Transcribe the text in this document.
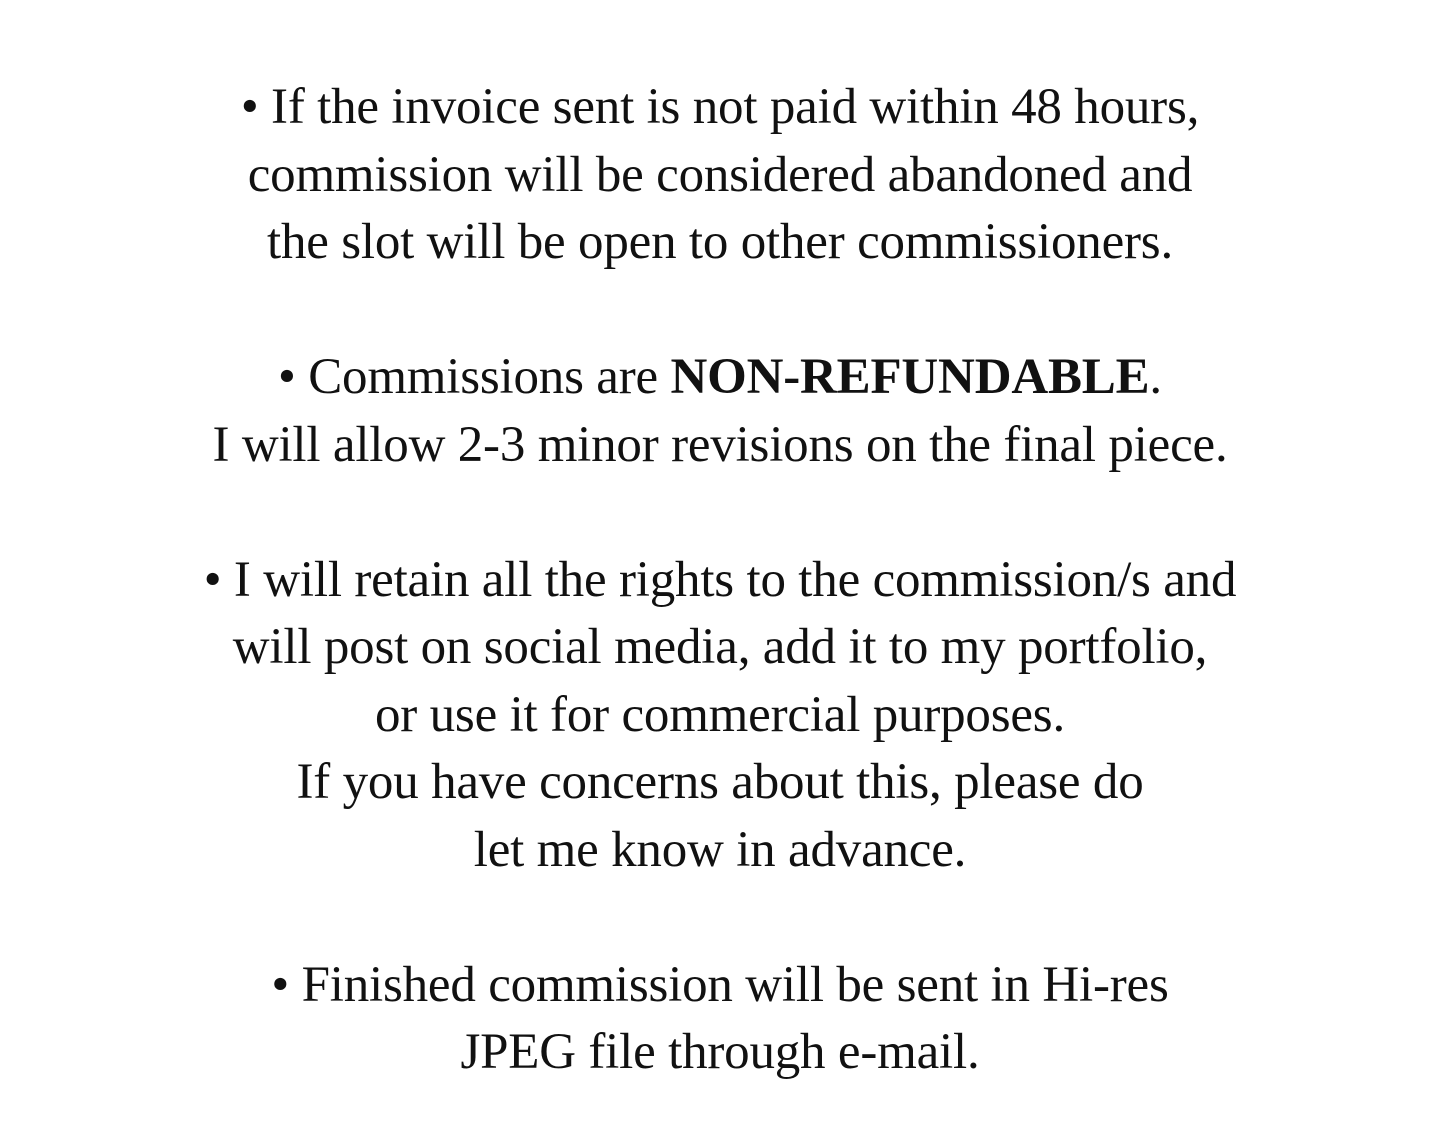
• If the invoice sent is not paid within 48 hours,
commission will be considered abandoned and
the slot will be open to other commissioners.
• Commissions are NON-REFUNDABLE.
I will allow 2-3 minor revisions on the final piece.
• I will retain all the rights to the commission/s and
will post on social media, add it to my portfolio,
or use it for commercial purposes.
If you have concerns about this, please do
let me know in advance.
• Finished commission will be sent in Hi-res
JPEG file through e-mail.
